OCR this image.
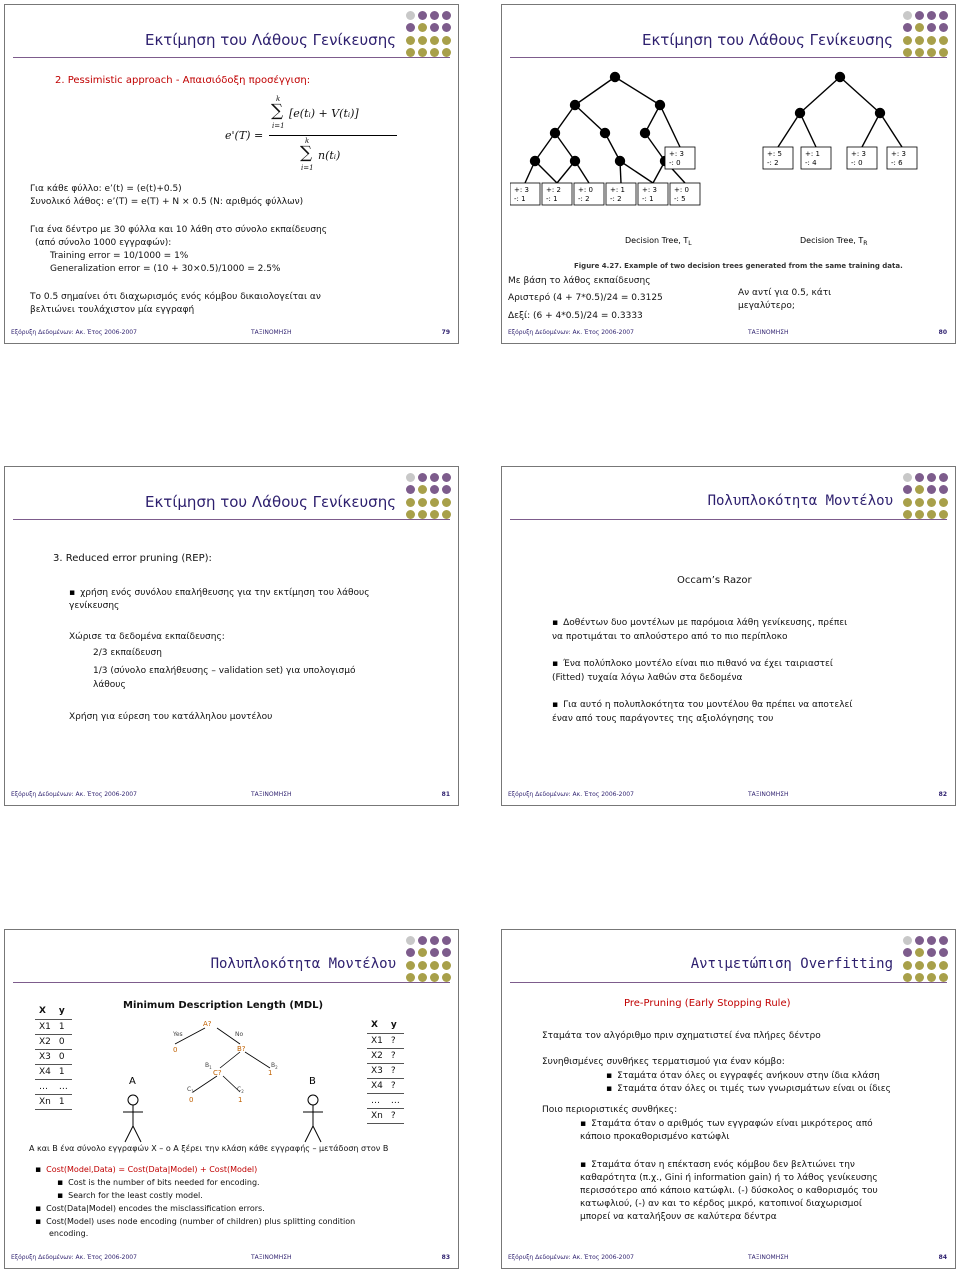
Εκτίμηση του Λάθους Γενίκευσης
2. Pessimistic approach - Απαισιόδοξη προσέγγιση:
e'(T) =
k
∑
i=1
[e(tᵢ) + V(tᵢ)]
k
∑ n(tᵢ)
i=1
Για κάθε φύλλο: e’(t) = (e(t)+0.5)
Συνολικό λάθος: e’(T) = e(T) + N × 0.5 (N: αριθμός φύλλων)
Για ένα δέντρο με 30 φύλλα και 10 λάθη στο σύνολο εκπαίδευσης
(από σύνολο 1000 εγγραφών):
Training error = 10/1000 = 1%
Generalization error = (10 + 30×0.5)/1000 = 2.5%
Το 0.5 σημαίνει ότι διαχωρισμός ενός κόμβου δικαιολογείται αν
βελτιώνει τουλάχιστον μία εγγραφή
Εξόρυξη Δεδομένων: Ακ. Έτος 2006-2007	ΤΑΞΙΝΟΜΗΣΗ	79
Εκτίμηση του Λάθους Γενίκευσης
+: 3
-: 1
+: 2
-: 1
+: 0
-: 2
+: 1
-: 2
+: 3
-: 1
+: 0
-: 5
+: 3
-: 0
+: 5
-: 2
+: 1
-: 4
+: 3
-: 0
+: 3
-: 6
Decision Tree, $T_L$	Decision Tree, $T_R$
Figure 4.27. Example of two decision trees generated from the same training data.
Με βάση το λάθος εκπαίδευσης
Αριστερό (4 + 7*0.5)/24 = 0.3125
Δεξί: (6 + 4*0.5)/24 = 0.3333
Αν αντί για 0.5, κάτι
μεγαλύτερο;
Εξόρυξη Δεδομένων: Ακ. Έτος 2006-2007	ΤΑΞΙΝΟΜΗΣΗ	80
Εκτίμηση του Λάθους Γενίκευσης
3. Reduced error pruning (REP):
▪ χρήση ενός συνόλου επαλήθευσης για την εκτίμηση του λάθους
γενίκευσης
Χώρισε τα δεδομένα εκπαίδευσης:
2/3 εκπαίδευση
1/3 (σύνολο επαλήθευσης – validation set) για υπολογισμό
λάθους
Χρήση για εύρεση του κατάλληλου μοντέλου
Εξόρυξη Δεδομένων: Ακ. Έτος 2006-2007	ΤΑΞΙΝΟΜΗΣΗ	81
Πολυπλοκότητα Μοντέλου
Occam’s Razor
▪ Δοθέντων δυο μοντέλων με παρόμοια λάθη γενίκευσης, πρέπει
να προτιμάται το απλούστερο από το πιο περίπλοκο
▪ Ένα πολύπλοκο μοντέλο είναι πιο πιθανό να έχει ταιριαστεί
(Fitted) τυχαία λόγω λαθών στα δεδομένα
▪ Για αυτό η πολυπλοκότητα του μοντέλου θα πρέπει να αποτελεί
έναν από τους παράγοντες της αξιολόγησης του
Εξόρυξη Δεδομένων: Ακ. Έτος 2006-2007	ΤΑΞΙΝΟΜΗΣΗ	82
Πολυπλοκότητα Μοντέλου
Minimum Description Length (MDL)
X	y
X1	1
X2	0
X3	0
X4	1
…	…
Xn	1
X	y
X1	?
X2	?
X3	?
X4	?
…	…
Xn	?
A?
Yes	No
0	B?
$B_1$	$B_2$
C?	1
$C_1$	$C_2$
0	1
A	B
A και B ένα σύνολο εγγραφών X – ο A ξέρει την κλάση κάθε εγγραφής – μετάδοση στον B
▪ Cost(Model,Data) = Cost(Data|Model) + Cost(Model)
▪ Cost is the number of bits needed for encoding.
▪ Search for the least costly model.
▪ Cost(Data|Model) encodes the misclassification errors.
▪ Cost(Model) uses node encoding (number of children) plus splitting condition
encoding.
Εξόρυξη Δεδομένων: Ακ. Έτος 2006-2007	ΤΑΞΙΝΟΜΗΣΗ	83
Αντιμετώπιση Overfitting
Pre-Pruning (Early Stopping Rule)
Σταμάτα τον αλγόριθμο πριν σχηματιστεί ένα πλήρες δέντρο
Συνηθισμένες συνθήκες τερματισμού για έναν κόμβο:
▪ Σταμάτα όταν όλες οι εγγραφές ανήκουν στην ίδια κλάση
▪ Σταμάτα όταν όλες οι τιμές των γνωρισμάτων είναι οι ίδιες
Ποιο περιοριστικές συνθήκες:
▪ Σταμάτα όταν ο αριθμός των εγγραφών είναι μικρότερος από
κάποιο προκαθορισμένο κατώφλι
▪ Σταμάτα όταν η επέκταση ενός κόμβου δεν βελτιώνει την
καθαρότητα (π.χ., Gini ή information gain) ή το λάθος γενίκευσης
περισσότερο από κάποιο κατώφλι. (-) δύσκολος ο καθορισμός του
κατωφλιού, (-) αν και το κέρδος μικρό, κατοπινοί διαχωρισμοί
μπορεί να καταλήξουν σε καλύτερα δέντρα
Εξόρυξη Δεδομένων: Ακ. Έτος 2006-2007	ΤΑΞΙΝΟΜΗΣΗ	84
